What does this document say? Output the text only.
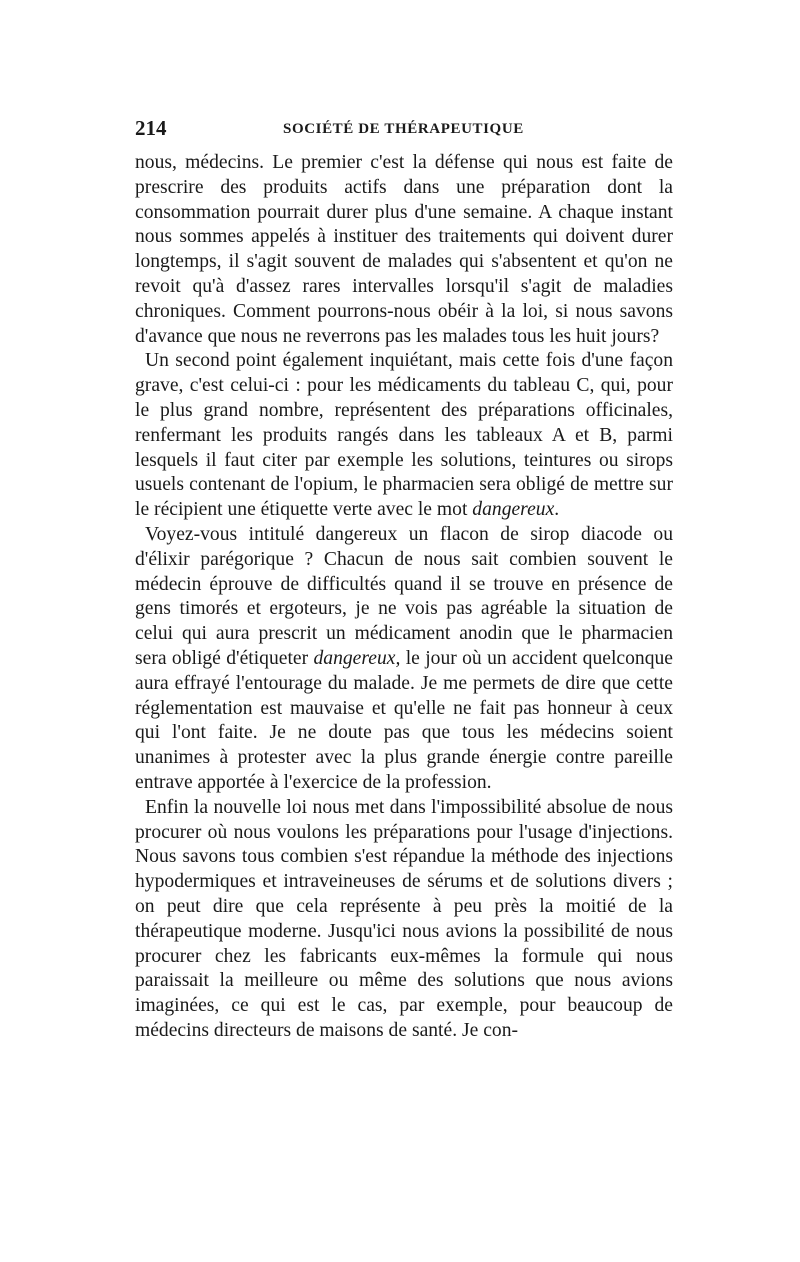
214	SOCIÉTÉ DE THÉRAPEUTIQUE

nous, médecins. Le premier c'est la défense qui nous est faite de prescrire des produits actifs dans une préparation dont la consommation pourrait durer plus d'une semaine. A chaque instant nous sommes appelés à instituer des traitements qui doivent durer longtemps, il s'agit souvent de malades qui s'absentent et qu'on ne revoit qu'à d'assez rares intervalles lorsqu'il s'agit de maladies chroniques. Comment pourrons-nous obéir à la loi, si nous savons d'avance que nous ne reverrons pas les malades tous les huit jours?

Un second point également inquiétant, mais cette fois d'une façon grave, c'est celui-ci : pour les médicaments du tableau C, qui, pour le plus grand nombre, représentent des préparations officinales, renfermant les produits rangés dans les tableaux A et B, parmi lesquels il faut citer par exemple les solutions, teintures ou sirops usuels contenant de l'opium, le pharmacien sera obligé de mettre sur le récipient une étiquette verte avec le mot dangereux.

Voyez-vous intitulé dangereux un flacon de sirop diacode ou d'élixir parégorique ? Chacun de nous sait combien souvent le médecin éprouve de difficultés quand il se trouve en présence de gens timorés et ergoteurs, je ne vois pas agréable la situation de celui qui aura prescrit un médicament anodin que le pharmacien sera obligé d'étiqueter dangereux, le jour où un accident quelconque aura effrayé l'entourage du malade. Je me permets de dire que cette réglementation est mauvaise et qu'elle ne fait pas honneur à ceux qui l'ont faite. Je ne doute pas que tous les médecins soient unanimes à protester avec la plus grande énergie contre pareille entrave apportée à l'exercice de la profession.

Enfin la nouvelle loi nous met dans l'impossibilité absolue de nous procurer où nous voulons les préparations pour l'usage d'injections. Nous savons tous combien s'est répandue la méthode des injections hypodermiques et intraveineuses de sérums et de solutions divers ; on peut dire que cela représente à peu près la moitié de la thérapeutique moderne. Jusqu'ici nous avions la possibilité de nous procurer chez les fabricants eux-mêmes la formule qui nous paraissait la meilleure ou même des solutions que nous avions imaginées, ce qui est le cas, par exemple, pour beaucoup de médecins directeurs de maisons de santé. Je con-
